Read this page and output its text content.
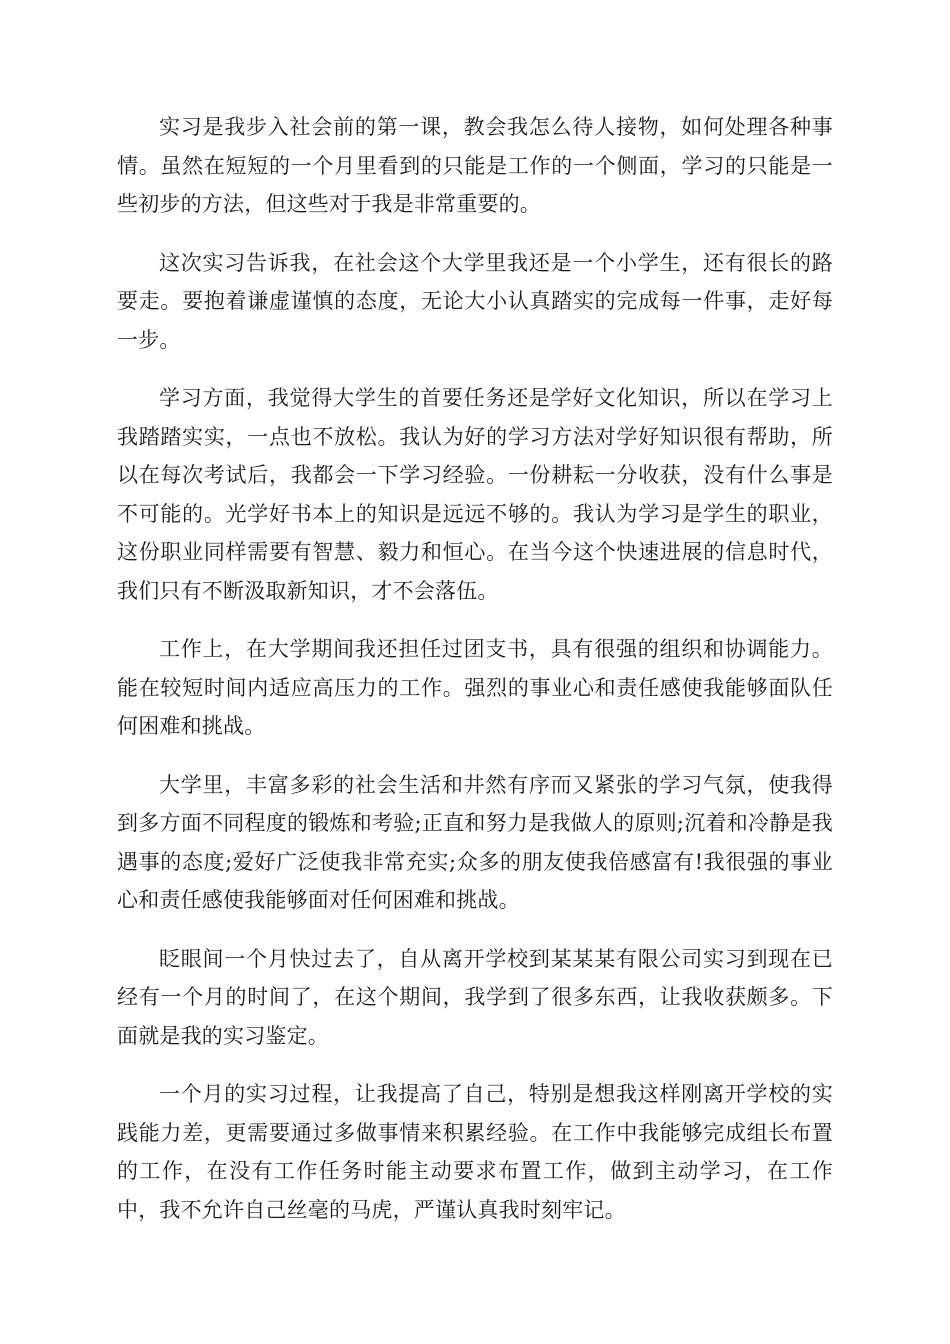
实习是我步入社会前的第一课，教会我怎么待人接物，如何处理各种事情。虽然在短短的一个月里看到的只能是工作的一个侧面，学习的只能是一些初步的方法，但这些对于我是非常重要的。

这次实习告诉我，在社会这个大学里我还是一个小学生，还有很长的路要走。要抱着谦虚谨慎的态度，无论大小认真踏实的完成每一件事，走好每一步。

学习方面，我觉得大学生的首要任务还是学好文化知识，所以在学习上我踏踏实实，一点也不放松。我认为好的学习方法对学好知识很有帮助，所以在每次考试后，我都会一下学习经验。一份耕耘一分收获，没有什么事是不可能的。光学好书本上的知识是远远不够的。我认为学习是学生的职业，这份职业同样需要有智慧、毅力和恒心。在当今这个快速进展的信息时代，我们只有不断汲取新知识，才不会落伍。

工作上，在大学期间我还担任过团支书，具有很强的组织和协调能力。能在较短时间内适应高压力的工作。强烈的事业心和责任感使我能够面队任何困难和挑战。

大学里，丰富多彩的社会生活和井然有序而又紧张的学习气氛，使我得到多方面不同程度的锻炼和考验;正直和努力是我做人的原则;沉着和冷静是我遇事的态度;爱好广泛使我非常充实;众多的朋友使我倍感富有!我很强的事业心和责任感使我能够面对任何困难和挑战。

眨眼间一个月快过去了，自从离开学校到某某某有限公司实习到现在已经有一个月的时间了，在这个期间，我学到了很多东西，让我收获颇多。下面就是我的实习鉴定。

一个月的实习过程，让我提高了自己，特别是想我这样刚离开学校的实践能力差，更需要通过多做事情来积累经验。在工作中我能够完成组长布置的工作，在没有工作任务时能主动要求布置工作，做到主动学习，在工作中，我不允许自己丝毫的马虎，严谨认真我时刻牢记。
